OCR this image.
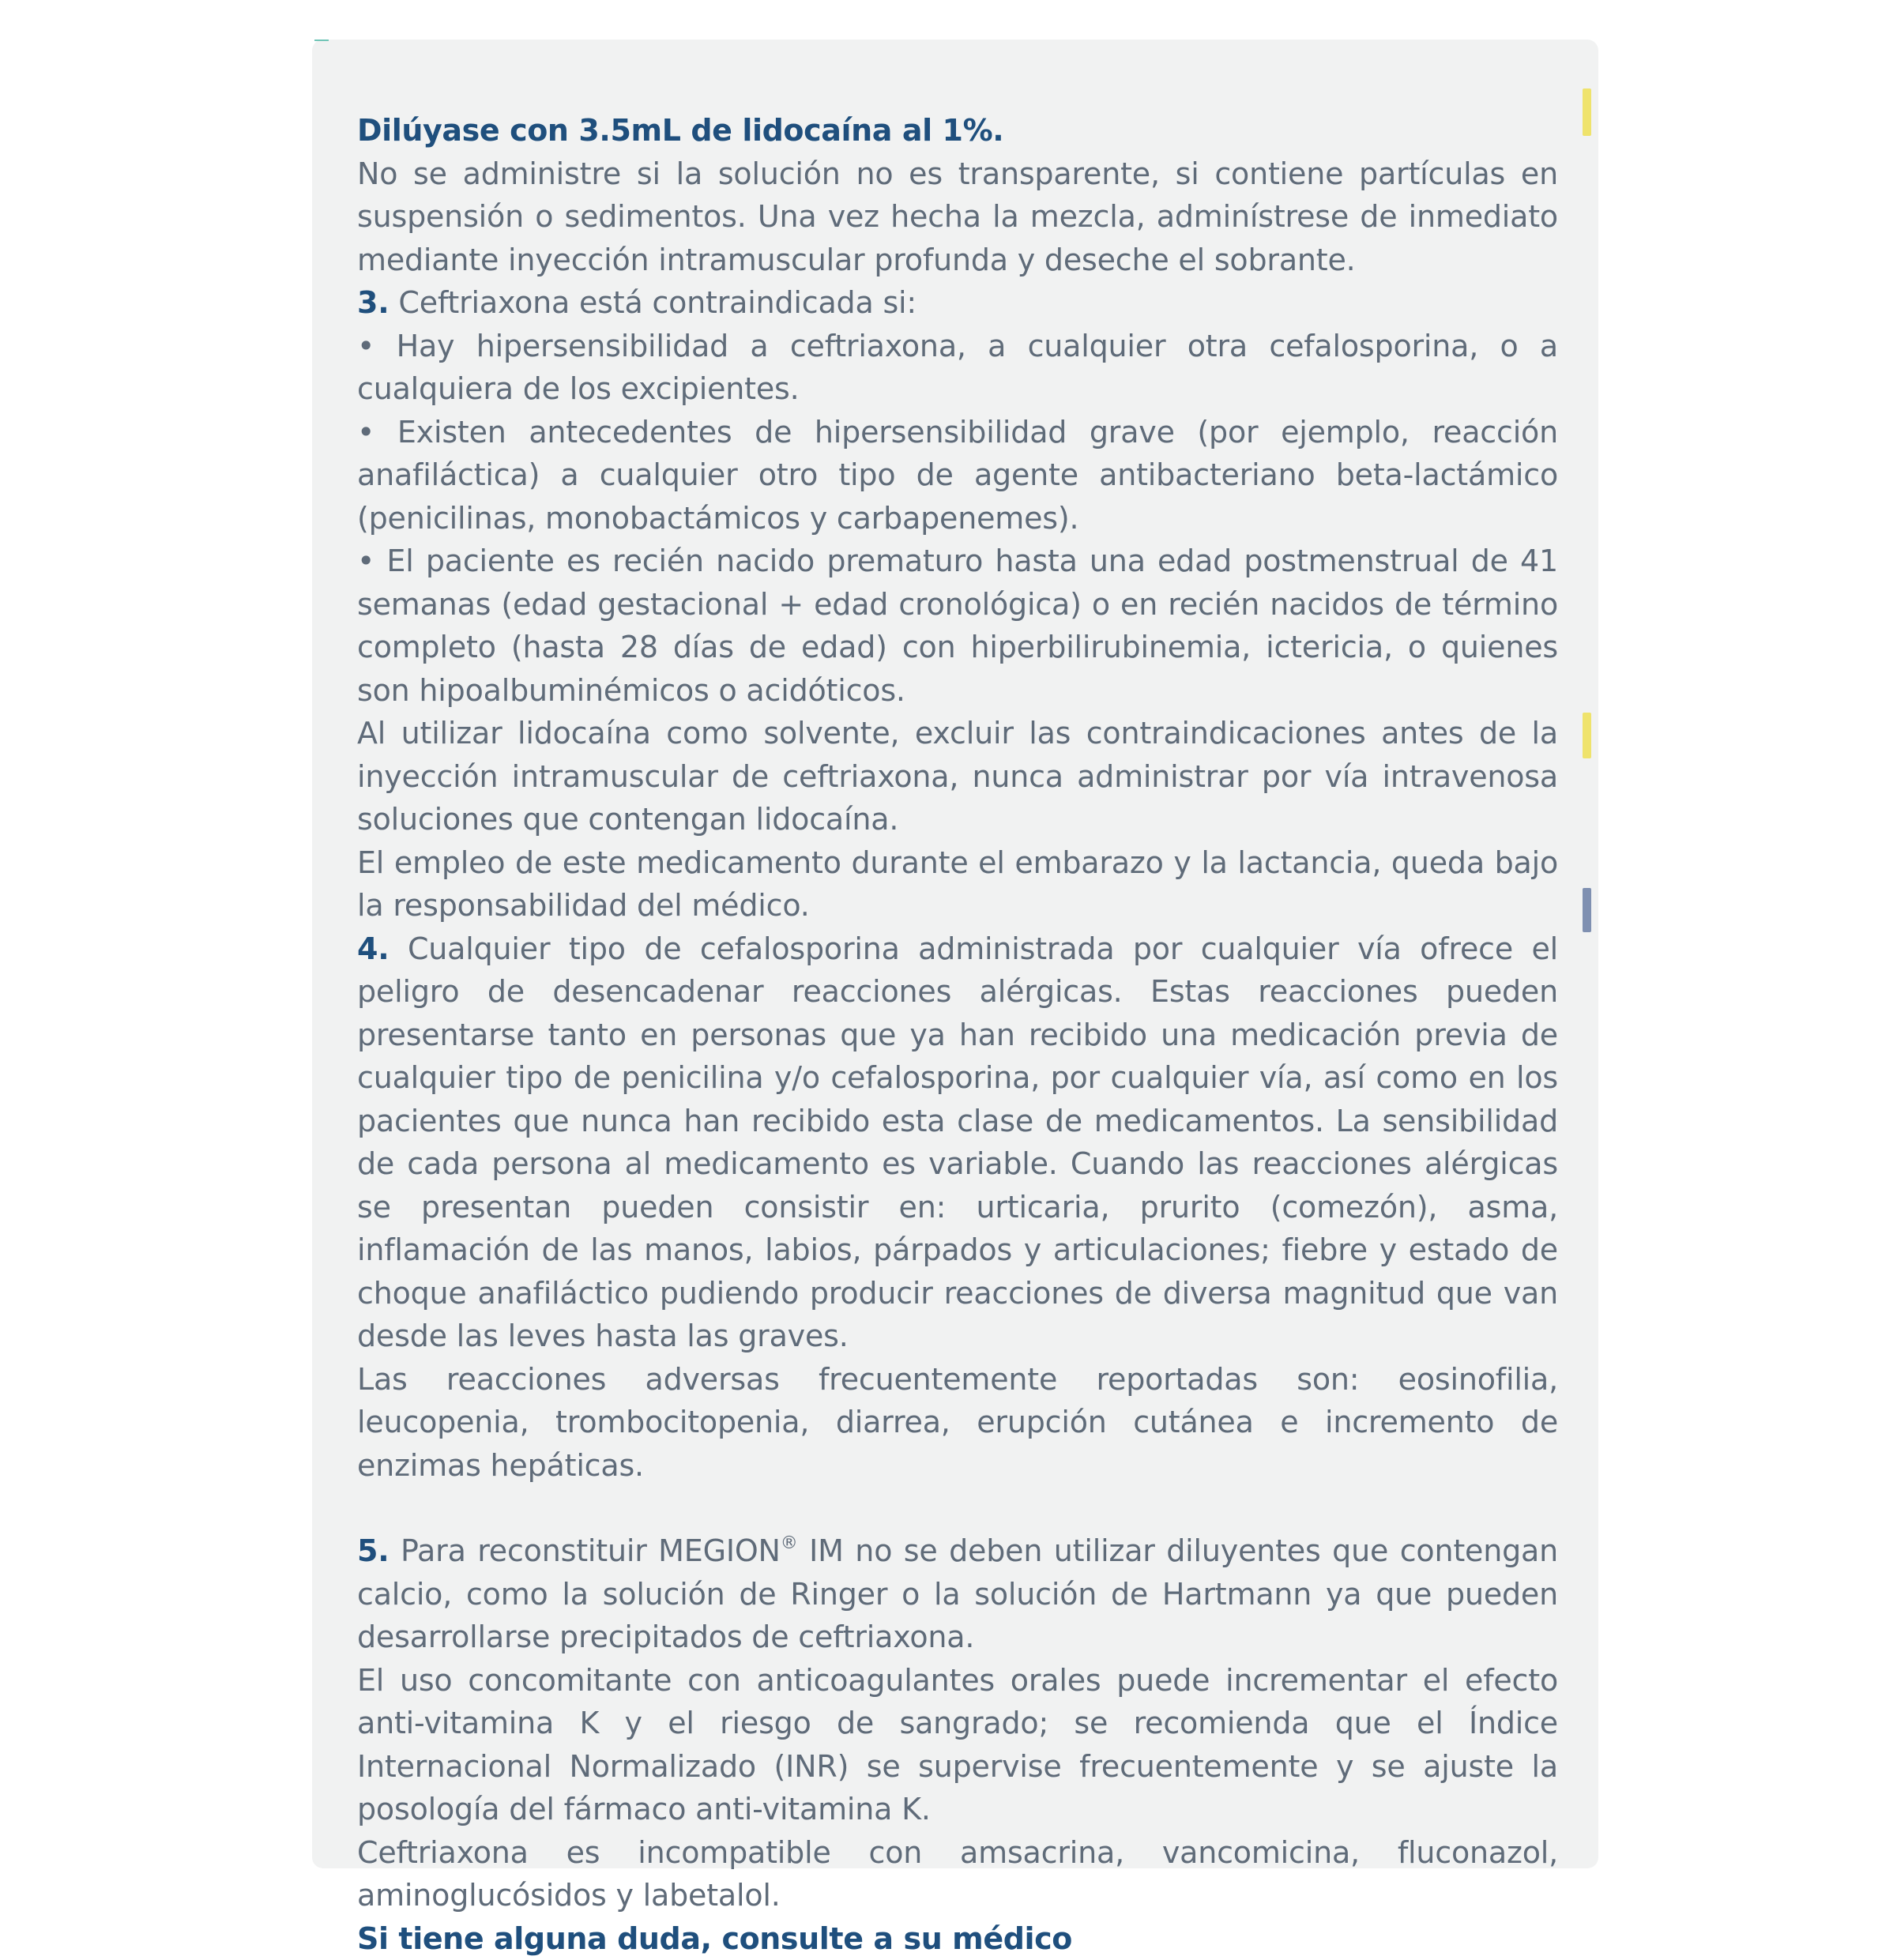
Dilúyase con 3.5mL de lidocaína al 1%.

No se administre si la solución no es transparente, si contiene partículas en suspensión o sedimentos. Una vez hecha la mezcla, adminístrese de inmediato mediante inyección intramuscular profunda y deseche el sobrante.

3. Ceftriaxona está contraindicada si:

• Hay hipersensibilidad a ceftriaxona, a cualquier otra cefalosporina, o a cualquiera de los excipientes.

• Existen antecedentes de hipersensibilidad grave (por ejemplo, reacción anafiláctica) a cualquier otro tipo de agente antibacteriano beta-lactámico (penicilinas, monobactámicos y carbapenemes).

• El paciente es recién nacido prematuro hasta una edad postmenstrual de 41 semanas (edad gestacional + edad cronológica) o en recién nacidos de término completo (hasta 28 días de edad) con hiperbilirubinemia, ictericia, o quienes son hipoalbuminémicos o acidóticos.

Al utilizar lidocaína como solvente, excluir las contraindicaciones antes de la inyección intramuscular de ceftriaxona, nunca administrar por vía intravenosa soluciones que contengan lidocaína.

El empleo de este medicamento durante el embarazo y la lactancia, queda bajo la responsabilidad del médico.

4. Cualquier tipo de cefalosporina administrada por cualquier vía ofrece el peligro de desencadenar reacciones alérgicas. Estas reacciones pueden presentarse tanto en personas que ya han recibido una medicación previa de cualquier tipo de penicilina y/o cefalosporina, por cualquier vía, así como en los pacientes que nunca han recibido esta clase de medicamentos. La sensibilidad de cada persona al medicamento es variable. Cuando las reacciones alérgicas se presentan pueden consistir en: urticaria, prurito (comezón), asma, inflamación de las manos, labios, párpados y articulaciones; fiebre y estado de choque anafiláctico pudiendo producir reacciones de diversa magnitud que van desde las leves hasta las graves.

Las reacciones adversas frecuentemente reportadas son: eosinofilia, leucopenia, trombocitopenia, diarrea, erupción cutánea e incremento de enzimas hepáticas.

5. Para reconstituir MEGION® IM no se deben utilizar diluyentes que contengan calcio, como la solución de Ringer o la solución de Hartmann ya que pueden desarrollarse precipitados de ceftriaxona.

El uso concomitante con anticoagulantes orales puede incrementar el efecto anti-vitamina K y el riesgo de sangrado; se recomienda que el Índice Internacional Normalizado (INR) se supervise frecuentemente y se ajuste la posología del fármaco anti-vitamina K.

Ceftriaxona es incompatible con amsacrina, vancomicina, fluconazol, aminoglucósidos y labetalol.

Si tiene alguna duda, consulte a su médico
